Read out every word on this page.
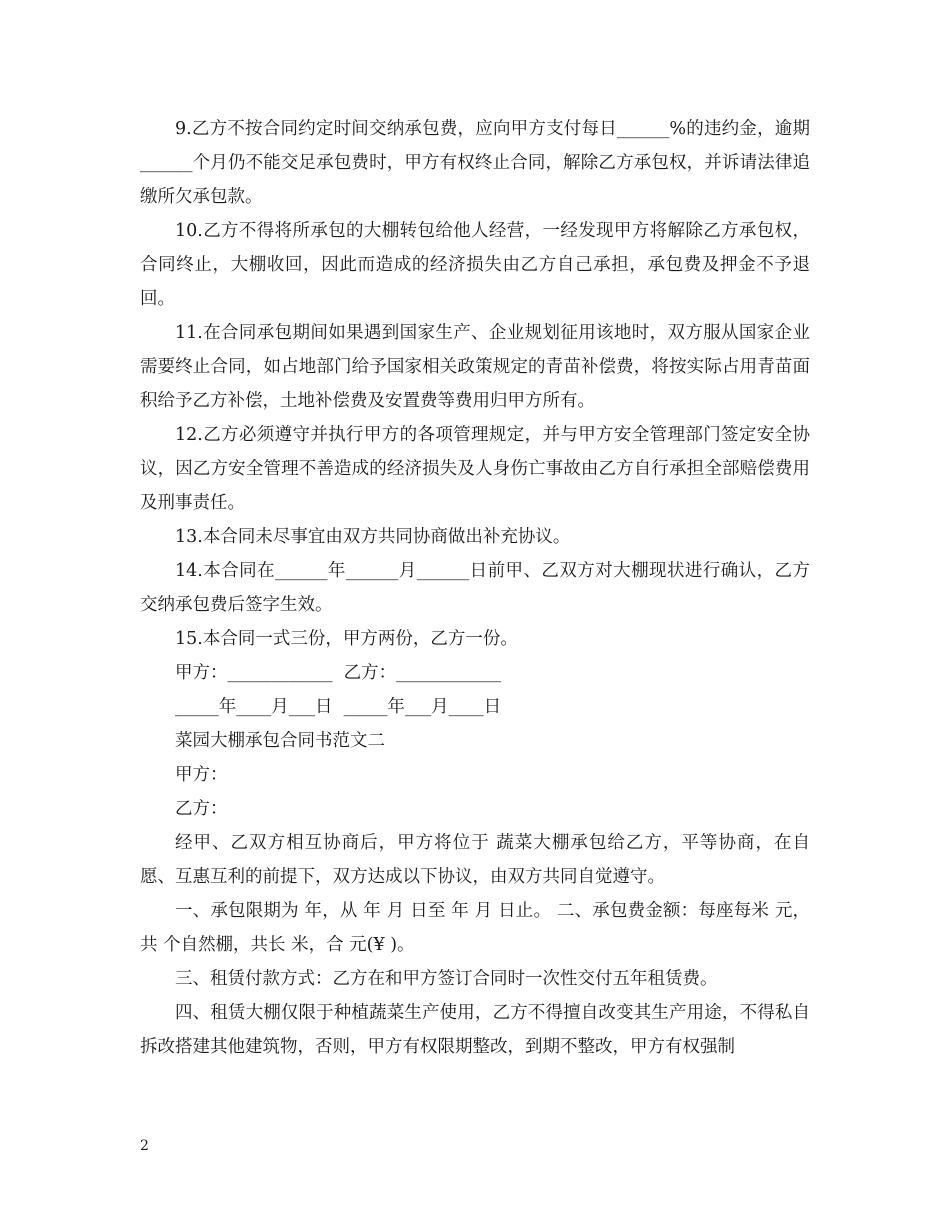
9.乙方不按合同约定时间交纳承包费，应向甲方支付每日______%的违约金，逾期______个月仍不能交足承包费时，甲方有权终止合同，解除乙方承包权，并诉请法律追缴所欠承包款。

10.乙方不得将所承包的大棚转包给他人经营，一经发现甲方将解除乙方承包权，合同终止，大棚收回，因此而造成的经济损失由乙方自己承担，承包费及押金不予退回。

11.在合同承包期间如果遇到国家生产、企业规划征用该地时，双方服从国家企业需要终止合同，如占地部门给予国家相关政策规定的青苗补偿费，将按实际占用青苗面积给予乙方补偿，土地补偿费及安置费等费用归甲方所有。

12.乙方必须遵守并执行甲方的各项管理规定，并与甲方安全管理部门签定安全协议，因乙方安全管理不善造成的经济损失及人身伤亡事故由乙方自行承担全部赔偿费用及刑事责任。

13.本合同未尽事宜由双方共同协商做出补充协议。

14.本合同在______年______月______日前甲、乙双方对大棚现状进行确认，乙方交纳承包费后签字生效。

15.本合同一式三份，甲方两份，乙方一份。

甲方：____________  乙方：____________

_____年____月___日  _____年___月____日

菜园大棚承包合同书范文二

甲方：

乙方：

经甲、乙双方相互协商后，甲方将位于 蔬菜大棚承包给乙方，平等协商，在自愿、互惠互利的前提下，双方达成以下协议，由双方共同自觉遵守。

一、承包限期为 年，从 年 月 日至 年 月 日止。 二、承包费金额：每座每米 元，共 个自然棚，共长 米，合 元(¥ )。

三、租赁付款方式：乙方在和甲方签订合同时一次性交付五年租赁费。

四、租赁大棚仅限于种植蔬菜生产使用，乙方不得擅自改变其生产用途，不得私自拆改搭建其他建筑物，否则，甲方有权限期整改，到期不整改，甲方有权强制

2
